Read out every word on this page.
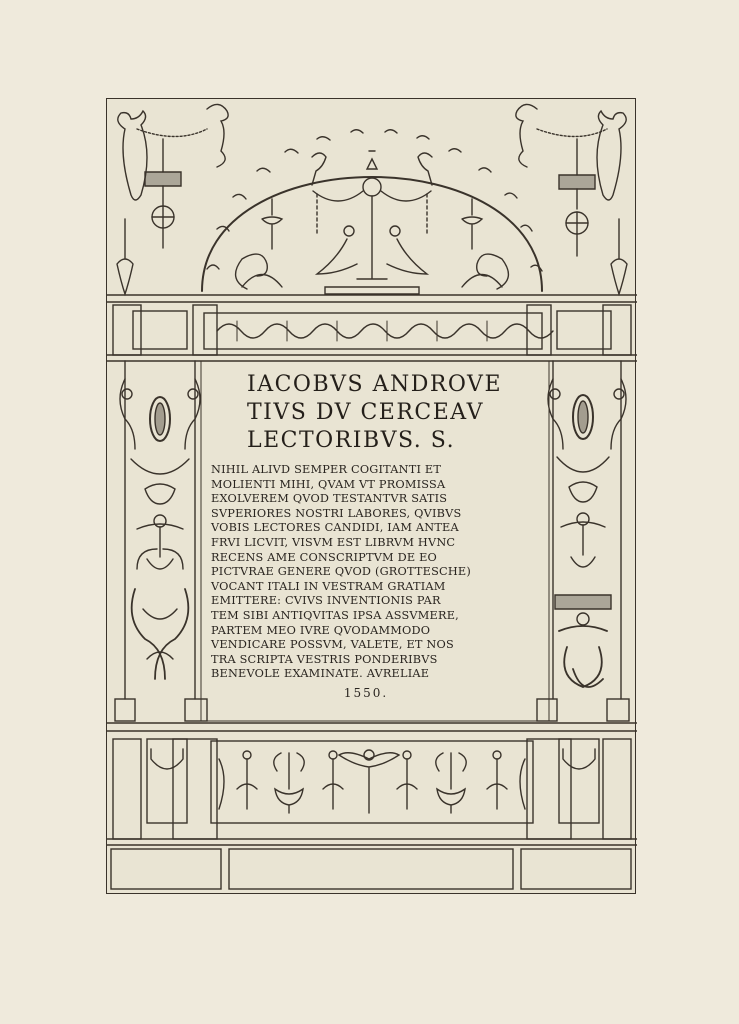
IACOBVS ANDROVE
TIVS DV CERCEAV
LECTORIBVS. S.
NIHIL ALIVD SEMPER COGITANTI ET
MOLIENTI MIHI, QVAM VT PROMISSA
EXOLVEREM QVOD TESTANTVR SATIS
SVPERIORES NOSTRI LABORES, QVIBVS
VOBIS LECTORES CANDIDI, IAM ANTEA
FRVI LICVIT, VISVM EST LIBRVM HVNC
RECENS AME CONSCRIPTVM DE EO
PICTVRAE GENERE QVOD (GROTTESCHE)
VOCANT ITALI IN VESTRAM GRATIAM
EMITTERE: CVIVS INVENTIONIS PAR
TEM SIBI ANTIQVITAS IPSA ASSVMERE,
PARTEM MEO IVRE QVODAMMODO
VENDICARE POSSVM, VALETE, ET NOS
TRA SCRIPTA VESTRIS PONDERIBVS
BENEVOLE EXAMINATE. AVRELIAE
1550.
